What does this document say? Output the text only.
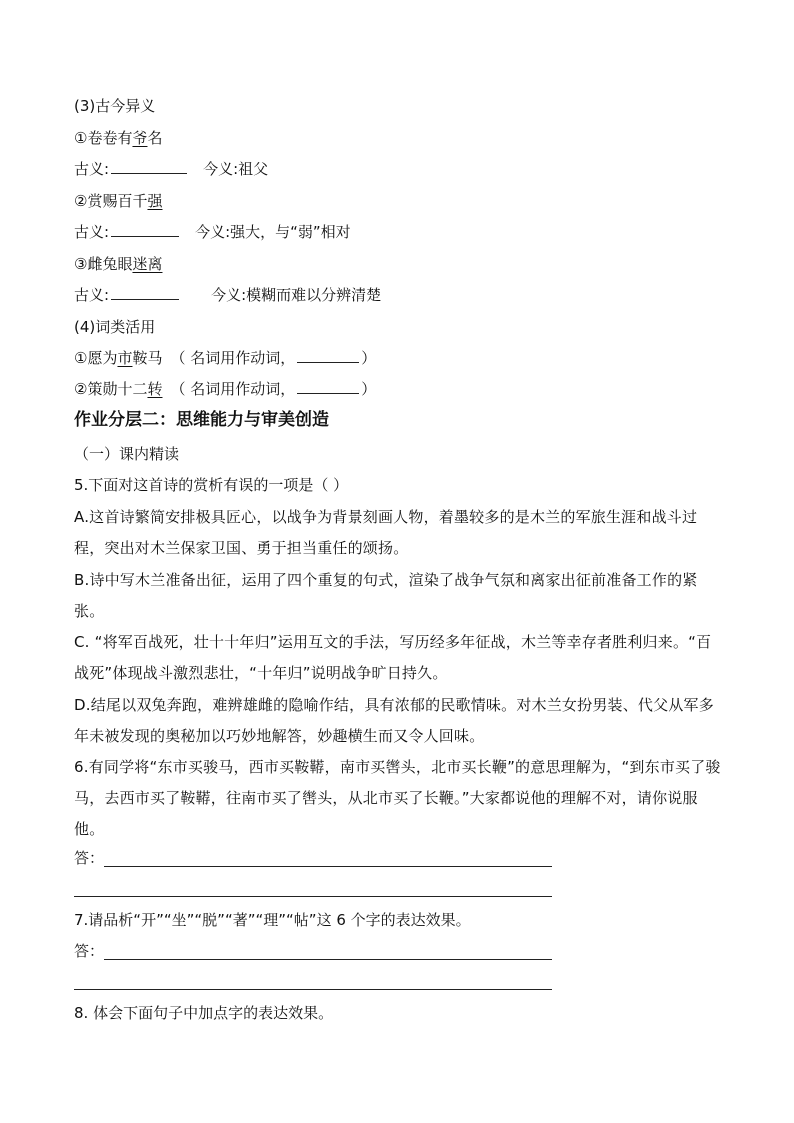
(3)古今异义
①卷卷有爷名
古义:	今义:祖父
②赏赐百千强
古义:	今义:强大，与“弱”相对
③雌兔眼迷离
古义:	今义:模糊而难以分辨清楚
(4)词类活用
①愿为市鞍马 （ 名词用作动词，	）
②策勋十二转 （ 名词用作动词，	）
作业分层二：思维能力与审美创造
（一）课内精读
5.下面对这首诗的赏析有误的一项是（ ）
A.这首诗繁简安排极具匠心，以战争为背景刻画人物，着墨较多的是木兰的军旅生涯和战斗过程，突出对木兰保家卫国、勇于担当重任的颂扬。
B.诗中写木兰准备出征，运用了四个重复的句式，渲染了战争气氛和离家出征前准备工作的紧张。
C. “将军百战死，壮十十年归”运用互文的手法，写历经多年征战，木兰等幸存者胜利归来。“百战死”体现战斗激烈悲壮，“十年归”说明战争旷日持久。
D.结尾以双兔奔跑，难辨雄雌的隐喻作结，具有浓郁的民歌情味。对木兰女扮男装、代父从军多年未被发现的奥秘加以巧妙地解答，妙趣横生而又令人回味。
6.有同学将“东市买骏马，西市买鞍鞯，南市买辔头，北市买长鞭”的意思理解为，“到东市买了骏马，去西市买了鞍鞯，往南市买了辔头，从北市买了长鞭。”大家都说他的理解不对，请你说服他。
答：
7.请品析“开”“坐”“脱”“著”“理”“帖”这 6 个字的表达效果。
答：
8. 体会下面句子中加点字的表达效果。
